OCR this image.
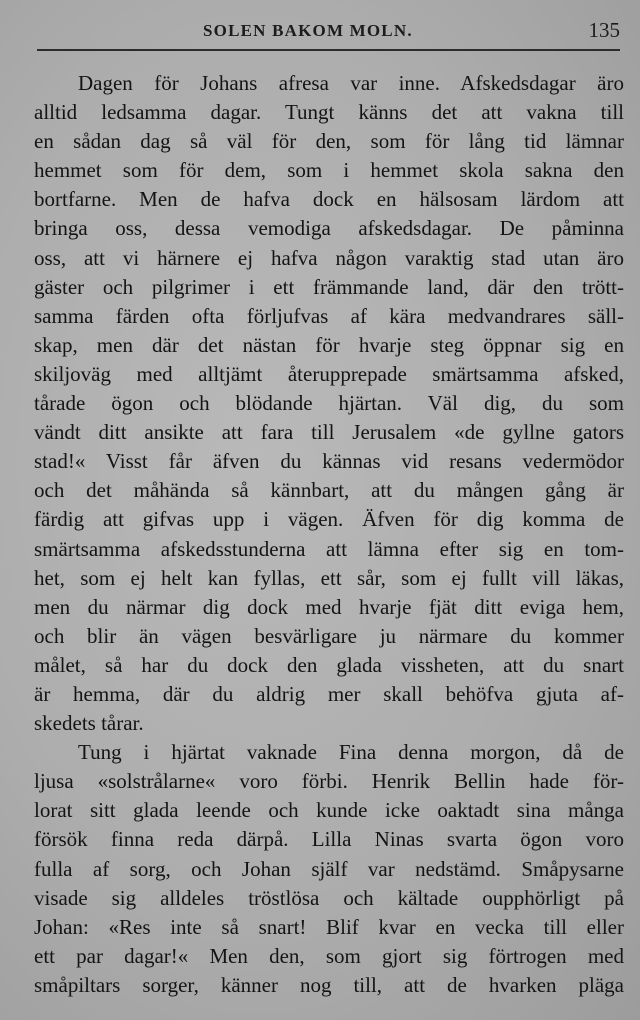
SOLEN BAKOM MOLN.	135
Dagen för Johans afresa var inne. Afskedsdagar äro
alltid ledsamma dagar. Tungt känns det att vakna till
en sådan dag så väl för den, som för lång tid lämnar
hemmet som för dem, som i hemmet skola sakna den
bortfarne. Men de hafva dock en hälsosam lärdom att
bringa oss, dessa vemodiga afskedsdagar. De påminna
oss, att vi härnere ej hafva någon varaktig stad utan äro
gäster och pilgrimer i ett främmande land, där den trött-
samma färden ofta förljufvas af kära medvandrares säll-
skap, men där det nästan för hvarje steg öppnar sig en
skiljoväg med alltjämt återupprepade smärtsamma afsked,
tårade ögon och blödande hjärtan. Väl dig, du som
vändt ditt ansikte att fara till Jerusalem «de gyllne gators
stad!« Visst får äfven du kännas vid resans vedermödor
och det måhända så kännbart, att du mången gång är
färdig att gifvas upp i vägen. Äfven för dig komma de
smärtsamma afskedsstunderna att lämna efter sig en tom-
het, som ej helt kan fyllas, ett sår, som ej fullt vill läkas,
men du närmar dig dock med hvarje fjät ditt eviga hem,
och blir än vägen besvärligare ju närmare du kommer
målet, så har du dock den glada vissheten, att du snart
är hemma, där du aldrig mer skall behöfva gjuta af-
skedets tårar.
Tung i hjärtat vaknade Fina denna morgon, då de
ljusa «solstrålarne« voro förbi. Henrik Bellin hade för-
lorat sitt glada leende och kunde icke oaktadt sina många
försök finna reda därpå. Lilla Ninas svarta ögon voro
fulla af sorg, och Johan själf var nedstämd. Småpysarne
visade sig alldeles tröstlösa och kältade oupphörligt på
Johan: «Res inte så snart! Blif kvar en vecka till eller
ett par dagar!« Men den, som gjort sig förtrogen med
småpiltars sorger, känner nog till, att de hvarken pläga
